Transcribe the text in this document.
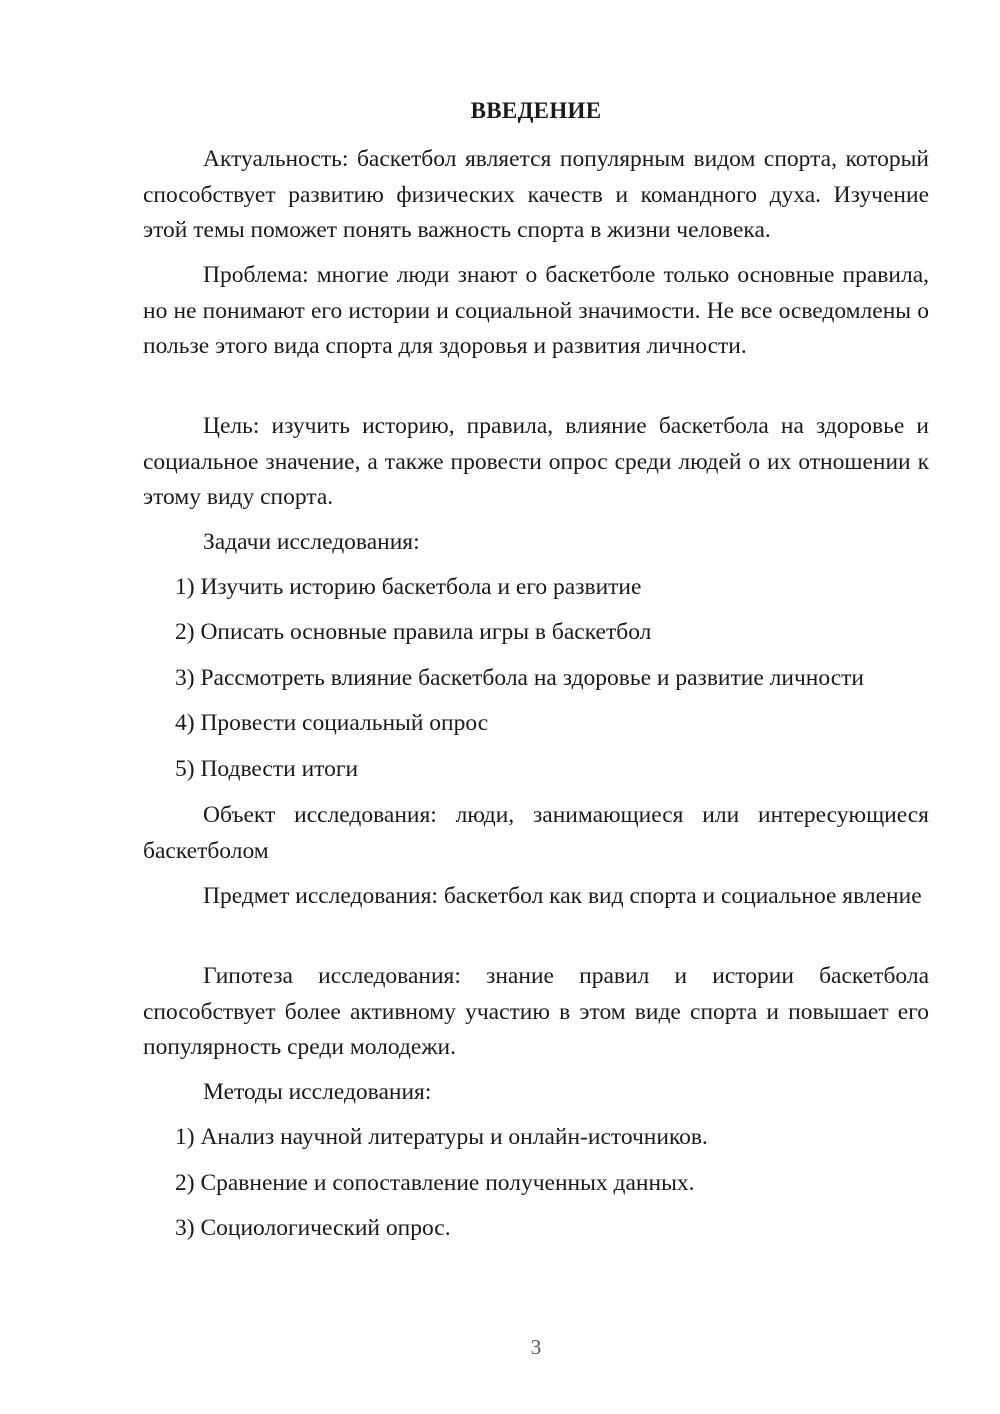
ВВЕДЕНИЕ
Актуальность: баскетбол является популярным видом спорта, который способствует развитию физических качеств и командного духа. Изучение этой темы поможет понять важность спорта в жизни человека.
Проблема: многие люди знают о баскетболе только основные правила, но не понимают его истории и социальной значимости. Не все осведомлены о пользе этого вида спорта для здоровья и развития личности.
Цель: изучить историю, правила, влияние баскетбола на здоровье и социальное значение, а также провести опрос среди людей о их отношении к этому виду спорта.
Задачи исследования:
1) Изучить историю баскетбола и его развитие
2) Описать основные правила игры в баскетбол
3) Рассмотреть влияние баскетбола на здоровье и развитие личности
4) Провести социальный опрос
5) Подвести итоги
Объект исследования: люди, занимающиеся или интересующиеся баскетболом
Предмет исследования: баскетбол как вид спорта и социальное явление
Гипотеза исследования: знание правил и истории баскетбола способствует более активному участию в этом виде спорта и повышает его популярность среди молодежи.
Методы исследования:
1) Анализ научной литературы и онлайн-источников.
2) Сравнение и сопоставление полученных данных.
3) Социологический опрос.
3
